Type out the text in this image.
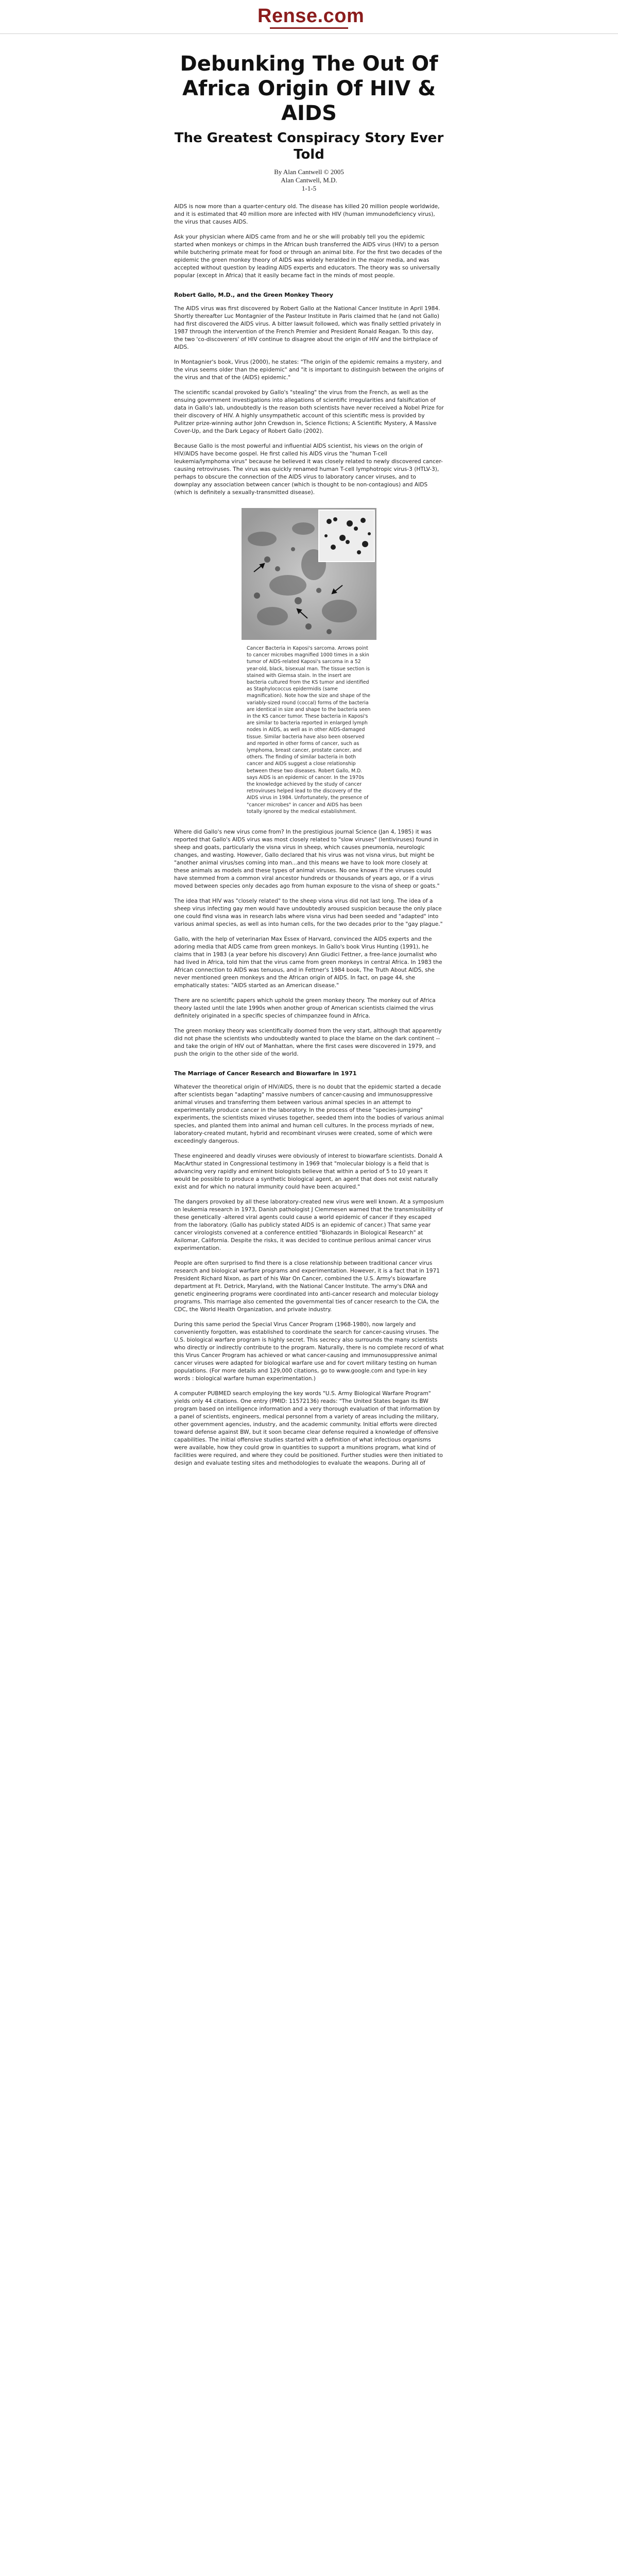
Rense.com
Debunking The Out Of Africa Origin Of HIV & AIDS
The Greatest Conspiracy Story Ever Told
By Alan Cantwell © 2005
Alan Cantwell, M.D.
1-1-5

AIDS is now more than a quarter-century old. The disease has killed 20 million people worldwide, and it is estimated that 40 million more are infected with HIV (human immunodeficiency virus), the virus that causes AIDS.

Ask your physician where AIDS came from and he or she will probably tell you the epidemic started when monkeys or chimps in the African bush transferred the AIDS virus (HIV) to a person while butchering primate meat for food or through an animal bite. For the first two decades of the epidemic the green monkey theory of AIDS was widely heralded in the major media, and was accepted without question by leading AIDS experts and educators. The theory was so universally popular (except in Africa) that it easily became fact in the minds of most people.

Robert Gallo, M.D., and the Green Monkey Theory

The AIDS virus was first discovered by Robert Gallo at the National Cancer Institute in April 1984. Shortly thereafter Luc Montagnier of the Pasteur Institute in Paris claimed that he (and not Gallo) had first discovered the AIDS virus. A bitter lawsuit followed, which was finally settled privately in 1987 through the intervention of the French Premier and President Ronald Reagan. To this day, the two 'co-discoverers' of HIV continue to disagree about the origin of HIV and the birthplace of AIDS.

In Montagnier's book, Virus (2000), he states: "The origin of the epidemic remains a mystery, and the virus seems older than the epidemic" and "it is important to distinguish between the origins of the virus and that of the (AIDS) epidemic."

The scientific scandal provoked by Gallo's "stealing" the virus from the French, as well as the ensuing government investigations into allegations of scientific irregularities and falsification of data in Gallo's lab, undoubtedly is the reason both scientists have never received a Nobel Prize for their discovery of HIV. A highly unsympathetic account of this scientific mess is provided by Pulitzer prize-winning author John Crewdson in, Science Fictions; A Scientific Mystery, A Massive Cover-Up, and the Dark Legacy of Robert Gallo (2002).

Because Gallo is the most powerful and influential AIDS scientist, his views on the origin of HIV/AIDS have become gospel. He first called his AIDS virus the "human T-cell leukemia/lymphoma virus" because he believed it was closely related to newly discovered cancer-causing retroviruses. The virus was quickly renamed human T-cell lymphotropic virus-3 (HTLV-3), perhaps to obscure the connection of the AIDS virus to laboratory cancer viruses, and to downplay any association between cancer (which is thought to be non-contagious) and AIDS (which is definitely a sexually-transmitted disease).

Cancer Bacteria in Kaposi's sarcoma. Arrows point to cancer microbes magnified 1000 times in a skin tumor of AIDS-related Kaposi's sarcoma in a 52 year-old, black, bisexual man. The tissue section is stained with Giemsa stain. In the insert are bacteria cultured from the KS tumor and identified as Staphylococcus epidermidis (same magnification). Note how the size and shape of the variably-sized round (coccal) forms of the bacteria are identical in size and shape to the bacteria seen in the KS cancer tumor. These bacteria in Kaposi's are similar to bacteria reported in enlarged lymph nodes in AIDS, as well as in other AIDS-damaged tissue. Similar bacteria have also been observed and reported in other forms of cancer, such as lymphoma, breast cancer, prostate cancer, and others. The finding of similar bacteria in both cancer and AIDS suggest a close relationship between these two diseases. Robert Gallo, M.D. says AIDS is an epidemic of cancer. In the 1970s the knowledge achieved by the study of cancer retroviruses helped lead to the discovery of the AIDS virus in 1984. Unfortunately, the presence of "cancer microbes" in cancer and AIDS has been totally ignored by the medical establishment.

Where did Gallo's new virus come from? In the prestigious journal Science (Jan 4, 1985) it was reported that Gallo's AIDS virus was most closely related to "slow viruses" (lentiviruses) found in sheep and goats, particularly the visna virus in sheep, which causes pneumonia, neurologic changes, and wasting. However, Gallo declared that his virus was not visna virus, but might be "another animal virus/ses coming into man...and this means we have to look more closely at these animals as models and these types of animal viruses. No one knows if the viruses could have stemmed from a common viral ancestor hundreds or thousands of years ago, or if a virus moved between species only decades ago from human exposure to the visna of sheep or goats."

The idea that HIV was "closely related" to the sheep visna virus did not last long. The idea of a sheep virus infecting gay men would have undoubtedly aroused suspicion because the only place one could find visna was in research labs where visna virus had been seeded and "adapted" into various animal species, as well as into human cells, for the two decades prior to the "gay plague."

Gallo, with the help of veterinarian Max Essex of Harvard, convinced the AIDS experts and the adoring media that AIDS came from green monkeys. In Gallo's book Virus Hunting (1991), he claims that in 1983 (a year before his discovery) Ann Giudici Fettner, a free-lance journalist who had lived in Africa, told him that the virus came from green monkeys in central Africa. In 1983 the African connection to AIDS was tenuous, and in Fettner's 1984 book, The Truth About AIDS, she never mentioned green monkeys and the African origin of AIDS. In fact, on page 44, she emphatically states: "AIDS started as an American disease."

There are no scientific papers which uphold the green monkey theory. The monkey out of Africa theory lasted until the late 1990s when another group of American scientists claimed the virus definitely originated in a specific species of chimpanzee found in Africa.

The green monkey theory was scientifically doomed from the very start, although that apparently did not phase the scientists who undoubtedly wanted to place the blame on the dark continent -- and take the origin of HIV out of Manhattan, where the first cases were discovered in 1979, and push the origin to the other side of the world.

The Marriage of Cancer Research and Biowarfare in 1971

Whatever the theoretical origin of HIV/AIDS, there is no doubt that the epidemic started a decade after scientists began "adapting" massive numbers of cancer-causing and immunosuppressive animal viruses and transferring them between various animal species in an attempt to experimentally produce cancer in the laboratory. In the process of these "species-jumping" experiments, the scientists mixed viruses together, seeded them into the bodies of various animal species, and planted them into animal and human cell cultures. In the process myriads of new, laboratory-created mutant, hybrid and recombinant viruses were created, some of which were exceedingly dangerous.

These engineered and deadly viruses were obviously of interest to biowarfare scientists. Donald A MacArthur stated in Congressional testimony in 1969 that "molecular biology is a field that is advancing very rapidly and eminent biologists believe that within a period of 5 to 10 years it would be possible to produce a synthetic biological agent, an agent that does not exist naturally exist and for which no natural immunity could have been acquired."

The dangers provoked by all these laboratory-created new virus were well known. At a symposium on leukemia research in 1973, Danish pathologist J Clemmesen warned that the transmissibility of these genetically -altered viral agents could cause a world epidemic of cancer if they escaped from the laboratory. (Gallo has publicly stated AIDS is an epidemic of cancer.) That same year cancer virologists convened at a conference entitled "Biohazards in Biological Research" at Asilomar, California. Despite the risks, it was decided to continue perilous animal cancer virus experimentation.

People are often surprised to find there is a close relationship between traditional cancer virus research and biological warfare programs and experimentation. However, it is a fact that in 1971 President Richard Nixon, as part of his War On Cancer, combined the U.S. Army's biowarfare department at Ft. Detrick, Maryland, with the National Cancer Institute. The army's DNA and genetic engineering programs were coordinated into anti-cancer research and molecular biology programs. This marriage also cemented the governmental ties of cancer research to the CIA, the CDC, the World Health Organization, and private industry.

During this same period the Special Virus Cancer Program (1968-1980), now largely and conveniently forgotten, was established to coordinate the search for cancer-causing viruses. The U.S. biological warfare program is highly secret. This secrecy also surrounds the many scientists who directly or indirectly contribute to the program. Naturally, there is no complete record of what this Virus Cancer Program has achieved or what cancer-causing and immunosuppressive animal cancer viruses were adapted for biological warfare use and for covert military testing on human populations. (For more details and 129,000 citations, go to www.google.com and type-in key words : biological warfare human experimentation.)

A computer PUBMED search employing the key words "U.S. Army Biological Warfare Program" yields only 44 citations. One entry (PMID: 11572136) reads: "The United States began its BW program based on intelligence information and a very thorough evaluation of that information by a panel of scientists, engineers, medical personnel from a variety of areas including the military, other government agencies, industry, and the academic community. Initial efforts were directed toward defense against BW, but it soon became clear defense required a knowledge of offensive capabilities. The initial offensive studies started with a definition of what infectious organisms were available, how they could grow in quantities to support a munitions program, what kind of facilities were required, and where they could be positioned. Further studies were then initiated to design and evaluate testing sites and methodologies to evaluate the weapons. During all of
